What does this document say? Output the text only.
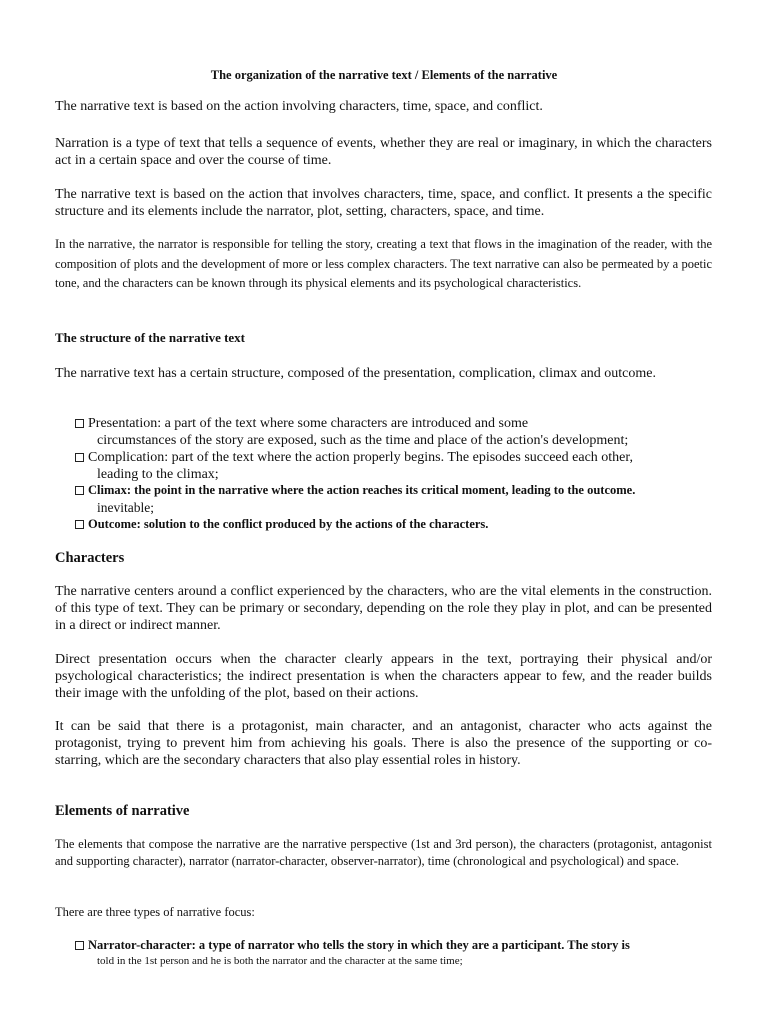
The organization of the narrative text / Elements of the narrative

The narrative text is based on the action involving characters, time, space, and conflict.

Narration is a type of text that tells a sequence of events, whether they are real or imaginary, in which the characters act in a certain space and over the course of time.

The narrative text is based on the action that involves characters, time, space, and conflict. It presents a the specific structure and its elements include the narrator, plot, setting, characters, space, and time.

In the narrative, the narrator is responsible for telling the story, creating a text that flows in the imagination of the reader, with the composition of plots and the development of more or less complex characters. The text narrative can also be permeated by a poetic tone, and the characters can be known through its physical elements and its psychological characteristics.

The structure of the narrative text

The narrative text has a certain structure, composed of the presentation, complication, climax and outcome.

Presentation: a part of the text where some characters are introduced and some
circumstances of the story are exposed, such as the time and place of the action's development;
Complication: part of the text where the action properly begins. The episodes succeed each other,
leading to the climax;
Climax: the point in the narrative where the action reaches its critical moment, leading to the outcome.
inevitable;
Outcome: solution to the conflict produced by the actions of the characters.
Characters

The narrative centers around a conflict experienced by the characters, who are the vital elements in the construction. of this type of text. They can be primary or secondary, depending on the role they play in plot, and can be presented in a direct or indirect manner.

Direct presentation occurs when the character clearly appears in the text, portraying their physical and/or psychological characteristics; the indirect presentation is when the characters appear to few, and the reader builds their image with the unfolding of the plot, based on their actions.

It can be said that there is a protagonist, main character, and an antagonist, character who acts against the protagonist, trying to prevent him from achieving his goals. There is also the presence of the supporting or co-starring, which are the secondary characters that also play essential roles in history.

Elements of narrative

The elements that compose the narrative are the narrative perspective (1st and 3rd person), the characters (protagonist, antagonist and supporting character), narrator (narrator-character, observer-narrator), time (chronological and psychological) and space.

There are three types of narrative focus:

Narrator-character: a type of narrator who tells the story in which they are a participant. The story is
told in the 1st person and he is both the narrator and the character at the same time;
